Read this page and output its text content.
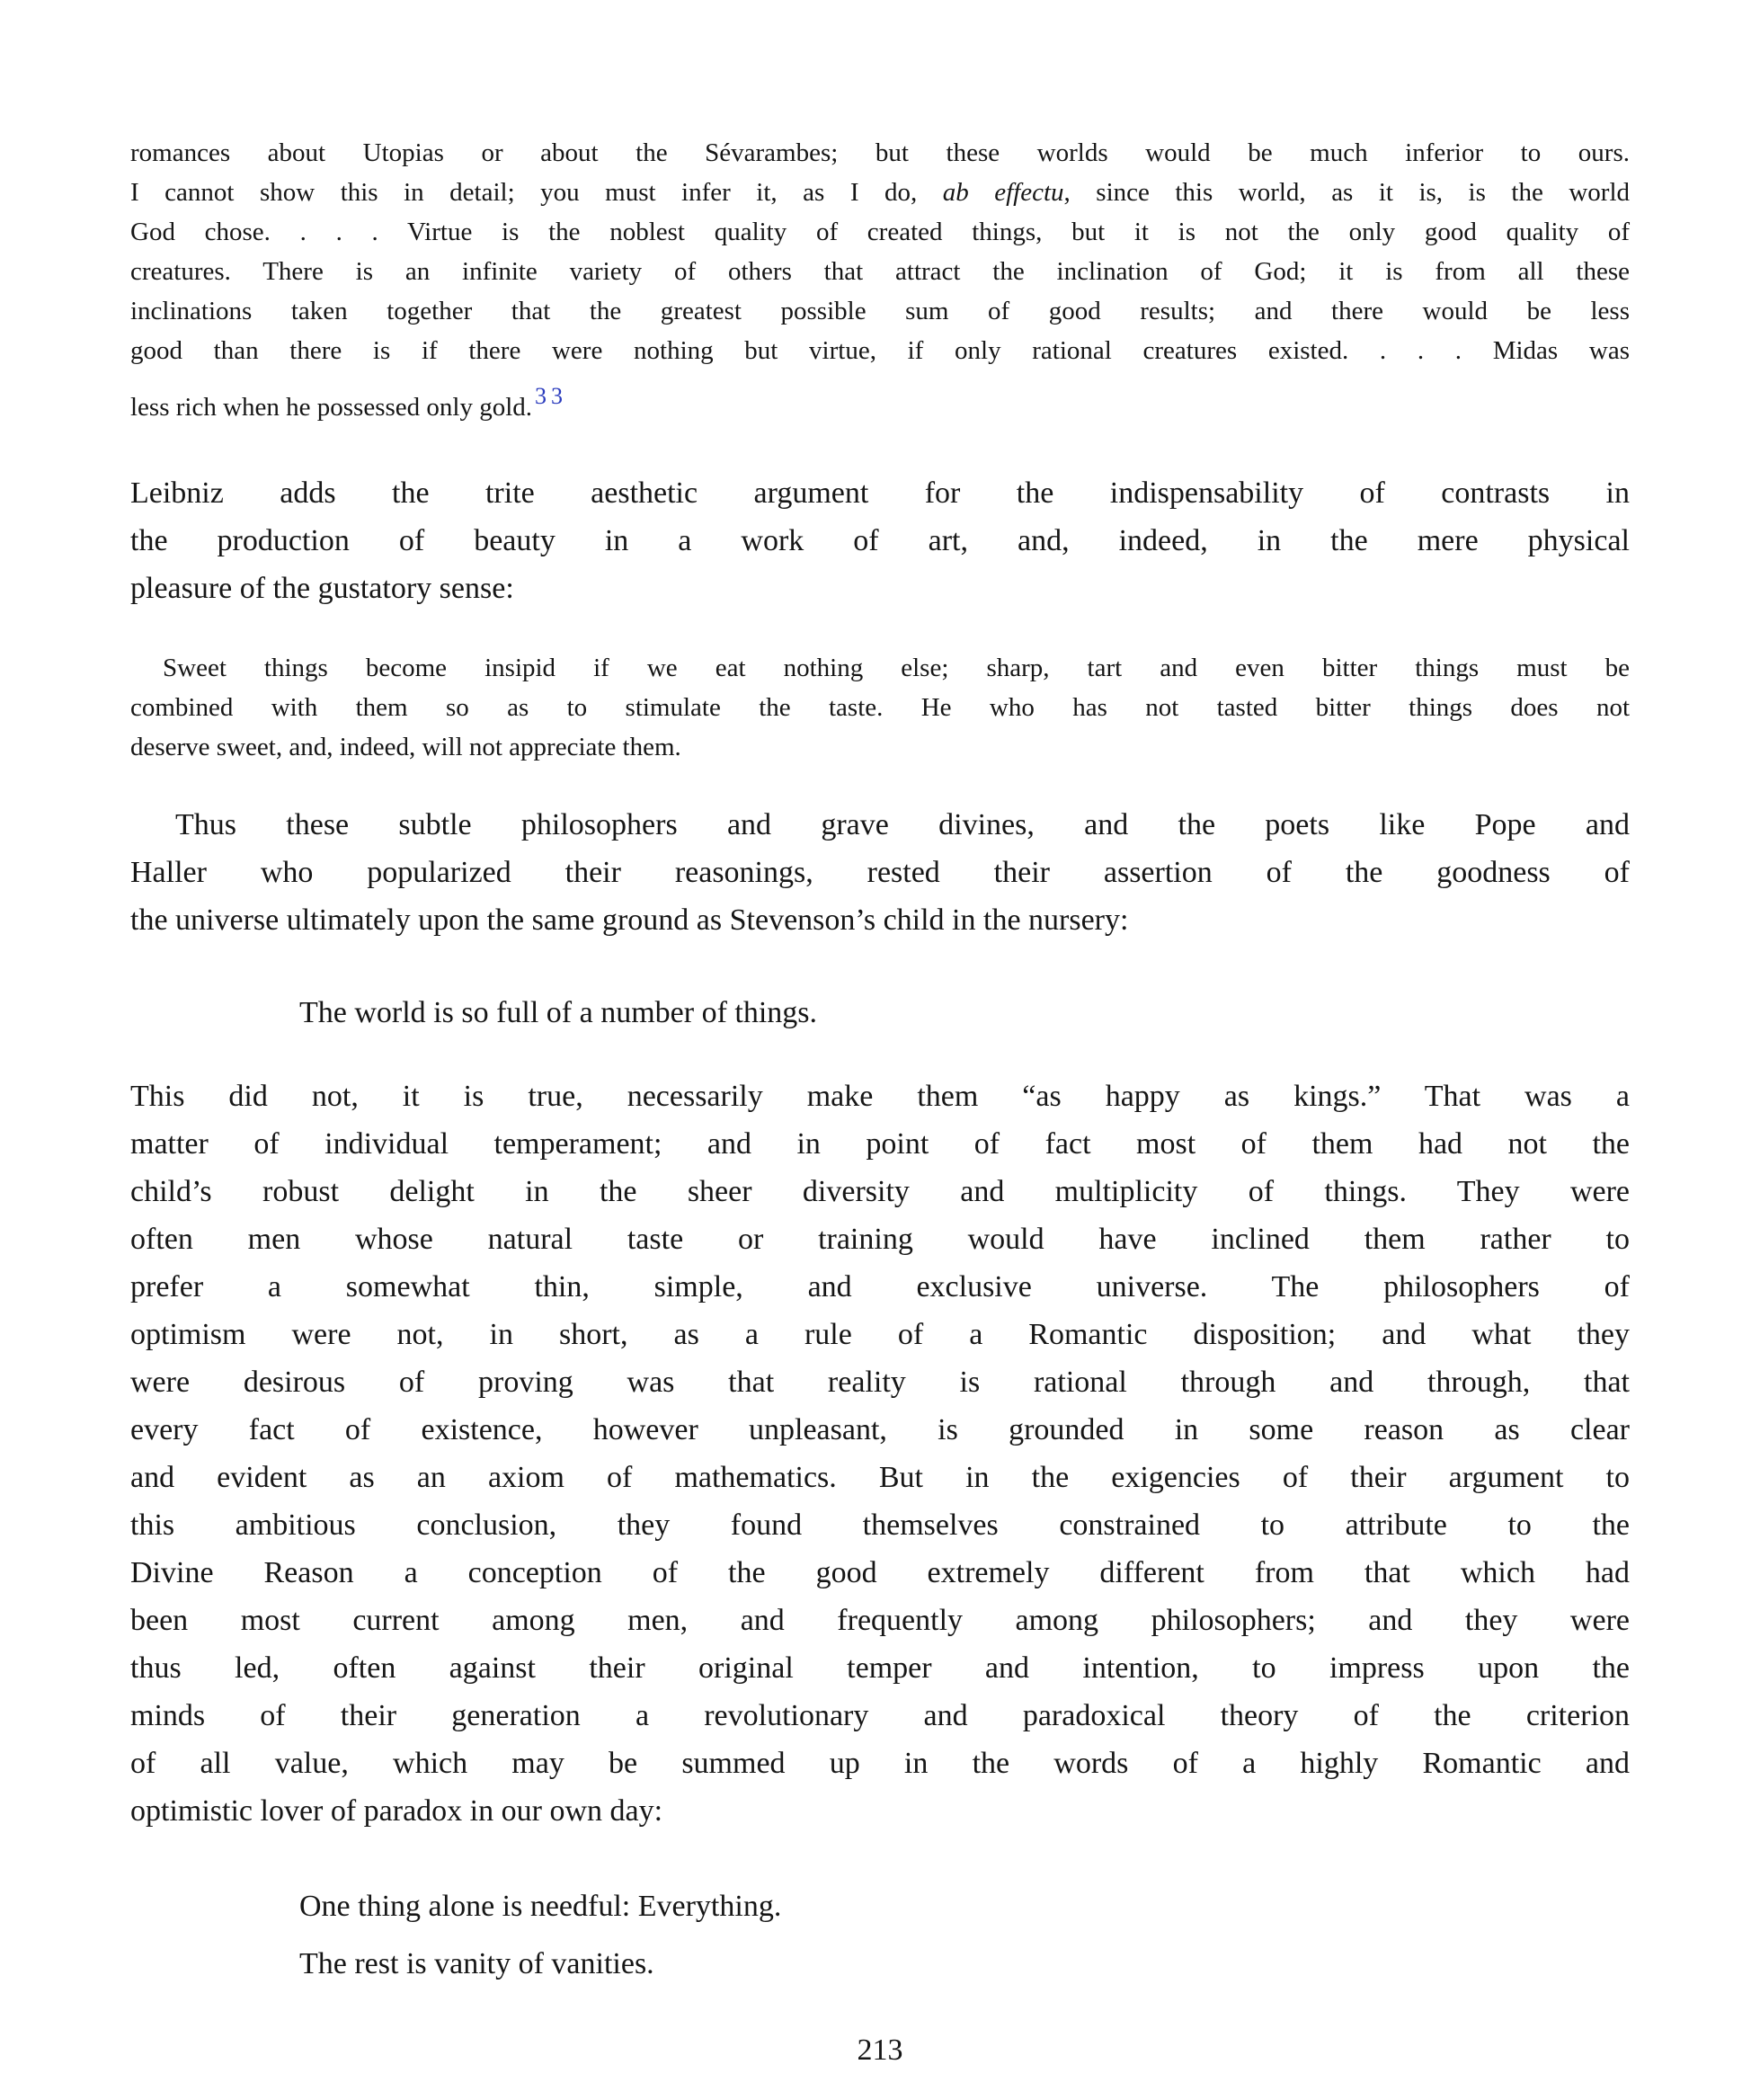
romances about Utopias or about the Sévarambes; but these worlds would be much inferior to ours.
I cannot show this in detail; you must infer it, as I do, ab effectu, since this world, as it is, is the world
God chose. . . . Virtue is the noblest quality of created things, but it is not the only good quality of
creatures. There is an infinite variety of others that attract the inclination of God; it is from all these
inclinations taken together that the greatest possible sum of good results; and there would be less
good than there is if there were nothing but virtue, if only rational creatures existed. . . . Midas was
less rich when he possessed only gold. 33
Leibniz adds the trite aesthetic argument for the indispensability of contrasts in
the production of beauty in a work of art, and, indeed, in the mere physical
pleasure of the gustatory sense:
Sweet things become insipid if we eat nothing else; sharp, tart and even bitter things must be
combined with them so as to stimulate the taste. He who has not tasted bitter things does not
deserve sweet, and, indeed, will not appreciate them.
Thus these subtle philosophers and grave divines, and the poets like Pope and
Haller who popularized their reasonings, rested their assertion of the goodness of
the universe ultimately upon the same ground as Stevenson’s child in the nursery:
The world is so full of a number of things.
This did not, it is true, necessarily make them “as happy as kings.” That was a
matter of individual temperament; and in point of fact most of them had not the
child’s robust delight in the sheer diversity and multiplicity of things. They were
often men whose natural taste or training would have inclined them rather to
prefer a somewhat thin, simple, and exclusive universe. The philosophers of
optimism were not, in short, as a rule of a Romantic disposition; and what they
were desirous of proving was that reality is rational through and through, that
every fact of existence, however unpleasant, is grounded in some reason as clear
and evident as an axiom of mathematics. But in the exigencies of their argument to
this ambitious conclusion, they found themselves constrained to attribute to the
Divine Reason a conception of the good extremely different from that which had
been most current among men, and frequently among philosophers; and they were
thus led, often against their original temper and intention, to impress upon the
minds of their generation a revolutionary and paradoxical theory of the criterion
of all value, which may be summed up in the words of a highly Romantic and
optimistic lover of paradox in our own day:
One thing alone is needful: Everything.
The rest is vanity of vanities.
213
